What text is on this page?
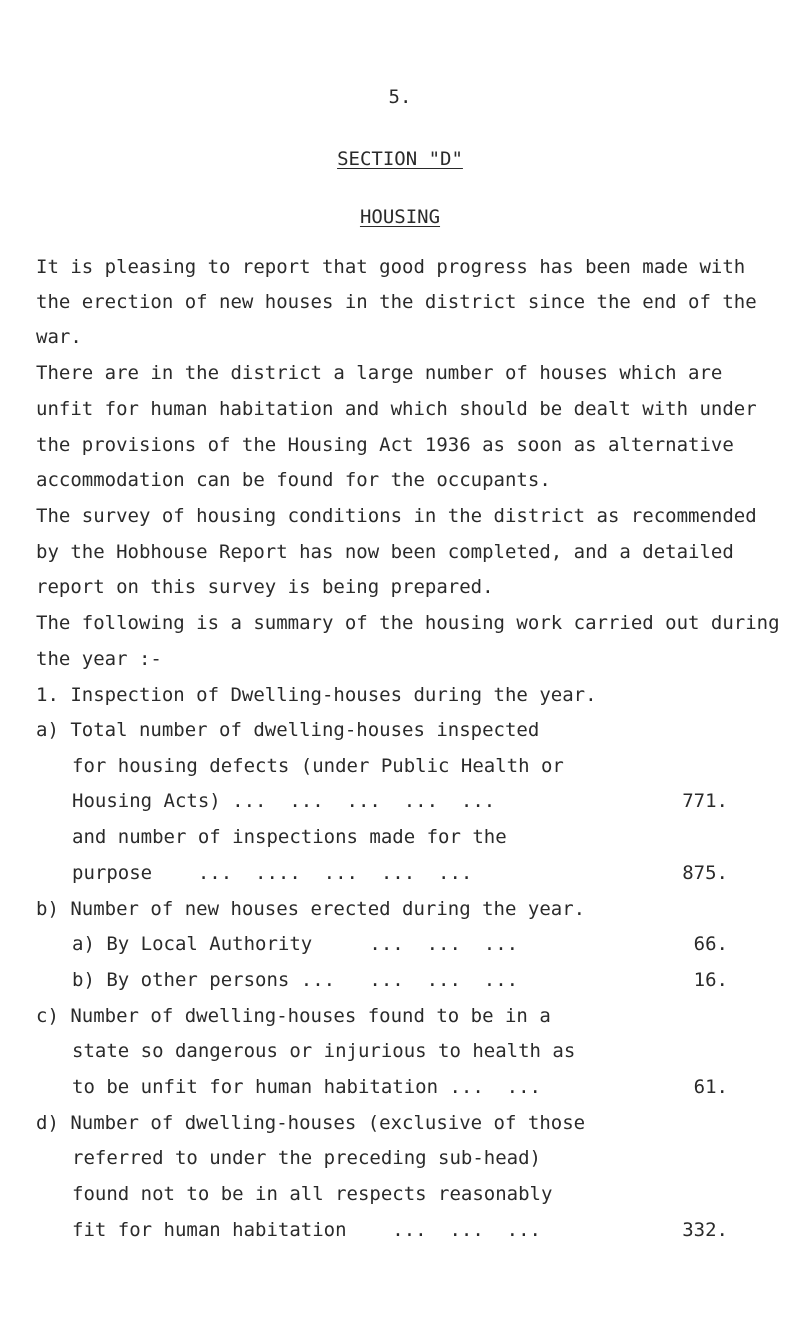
5.
SECTION "D"
HOUSING
It is pleasing to report that good progress has been made with
the erection of new houses in the district since the end of the
war.
There are in the district a large number of houses which are
unfit for human habitation and which should be dealt with under
the provisions of the Housing Act 1936 as soon as alternative
accommodation can be found for the occupants.
The survey of housing conditions in the district as recommended
by the Hobhouse Report has now been completed, and a detailed
report on this survey is being prepared.
The following is a summary of the housing work carried out during
the year :-
1. Inspection of Dwelling-houses during the year.
a) Total number of dwelling-houses inspected
for housing defects (under Public Health or
Housing Acts) ...  ...  ...  ...  ...	771.
and number of inspections made for the
purpose    ...  ....  ...  ...  ...	875.
b) Number of new houses erected during the year.
a) By Local Authority     ...  ...  ...	66.
b) By other persons ...   ...  ...  ...	16.
c) Number of dwelling-houses found to be in a
state so dangerous or injurious to health as
to be unfit for human habitation ...  ...	61.
d) Number of dwelling-houses (exclusive of those
referred to under the preceding sub-head)
found not to be in all respects reasonably
fit for human habitation    ...  ...  ...	332.
